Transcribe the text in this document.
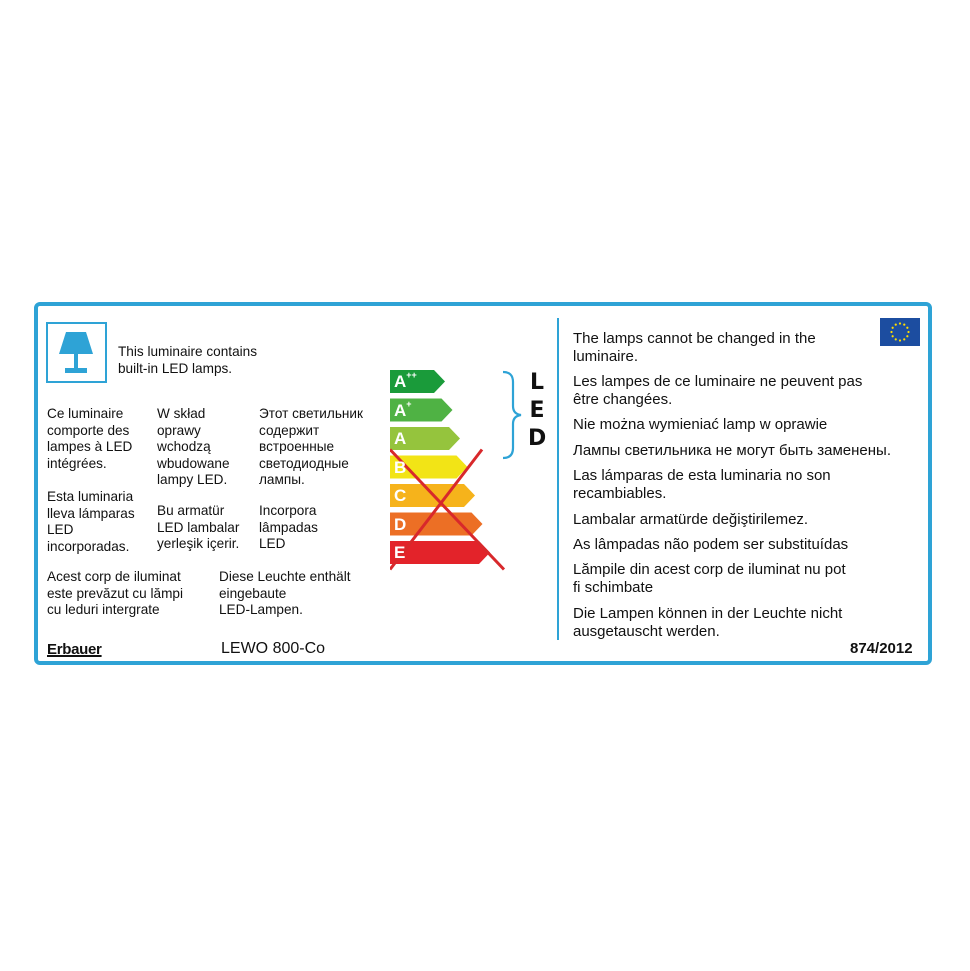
This luminaire contains
built-in LED lamps.
Ce luminaire
comporte des
lampes à LED
intégrées.
W skład
oprawy
wchodzą
wbudowane
lampy LED.
Этот светильник
содержит
встроенные
светодиодные
лампы.
Esta luminaria
lleva lámparas
LED
incorporadas.
Bu armatür
LED lambalar
yerleşik içerir.
Incorpora
lâmpadas
LED
Acest corp de iluminat
este prevăzut cu lămpi
cu leduri intergrate
Diese Leuchte enthält
eingebaute
LED-Lampen.
Erbauer	LEWO 800-Co
L
E
D
The lamps cannot be changed in the
luminaire.
Les lampes de ce luminaire ne peuvent pas
être changées.
Nie można wymieniać lamp w oprawie
Лампы светильника не могут быть заменены.
Las lámparas de esta luminaria no son
recambiables.
Lambalar armatürde değiştirilemez.
As lâmpadas não podem ser substituídas
Lămpile din acest corp de iluminat nu pot
fi schimbate
Die Lampen können in der Leuchte nicht
ausgetauscht werden.
874/2012
A++
A+
A
B
C
D
E
